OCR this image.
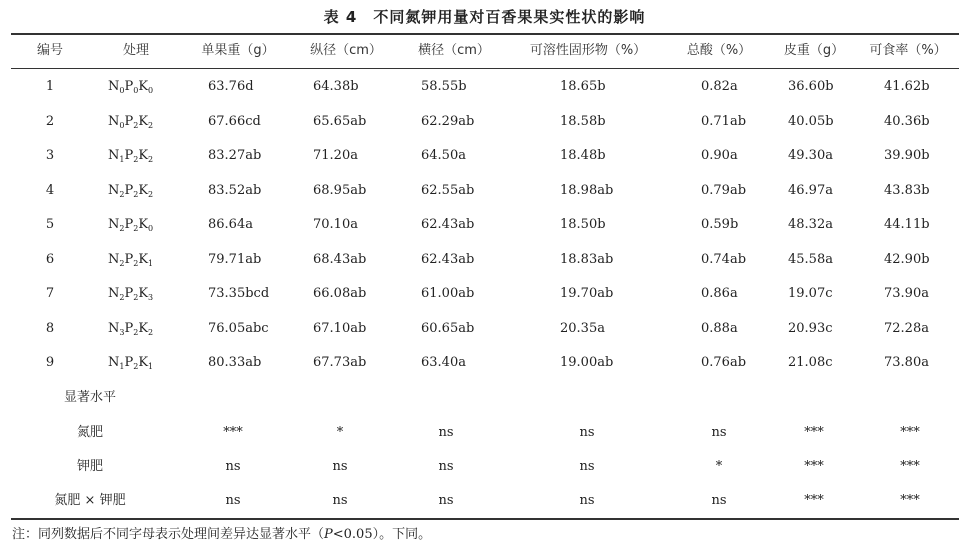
表 4　不同氮钾用量对百香果果实性状的影响
编号	处理	单果重（g）	纵径（cm）	横径（cm）	可溶性固形物（%）	总酸（%）	皮重（g）	可食率（%）
1	$N_0P_0K_0$	63.76d	64.38b	58.55b	18.65b	0.82a	36.60b	41.62b
2	$N_0P_2K_2$	67.66cd	65.65ab	62.29ab	18.58b	0.71ab	40.05b	40.36b
3	$N_1P_2K_2$	83.27ab	71.20a	64.50a	18.48b	0.90a	49.30a	39.90b
4	$N_2P_2K_2$	83.52ab	68.95ab	62.55ab	18.98ab	0.79ab	46.97a	43.83b
5	$N_2P_2K_0$	86.64a	70.10a	62.43ab	18.50b	0.59b	48.32a	44.11b
6	$N_2P_2K_1$	79.71ab	68.43ab	62.43ab	18.83ab	0.74ab	45.58a	42.90b
7	$N_2P_2K_3$	73.35bcd	66.08ab	61.00ab	19.70ab	0.86a	19.07c	73.90a
8	$N_3P_2K_2$	76.05abc	67.10ab	60.65ab	20.35a	0.88a	20.93c	72.28a
9	$N_1P_2K_1$	80.33ab	67.73ab	63.40a	19.00ab	0.76ab	21.08c	73.80a
显著水平
氮肥	***	*	ns	ns	ns	***	***
钾肥	ns	ns	ns	ns	*	***	***
氮肥 × 钾肥	ns	ns	ns	ns	ns	***	***
注：同列数据后不同字母表示处理间差异达显著水平（P<0.05）。下同。
